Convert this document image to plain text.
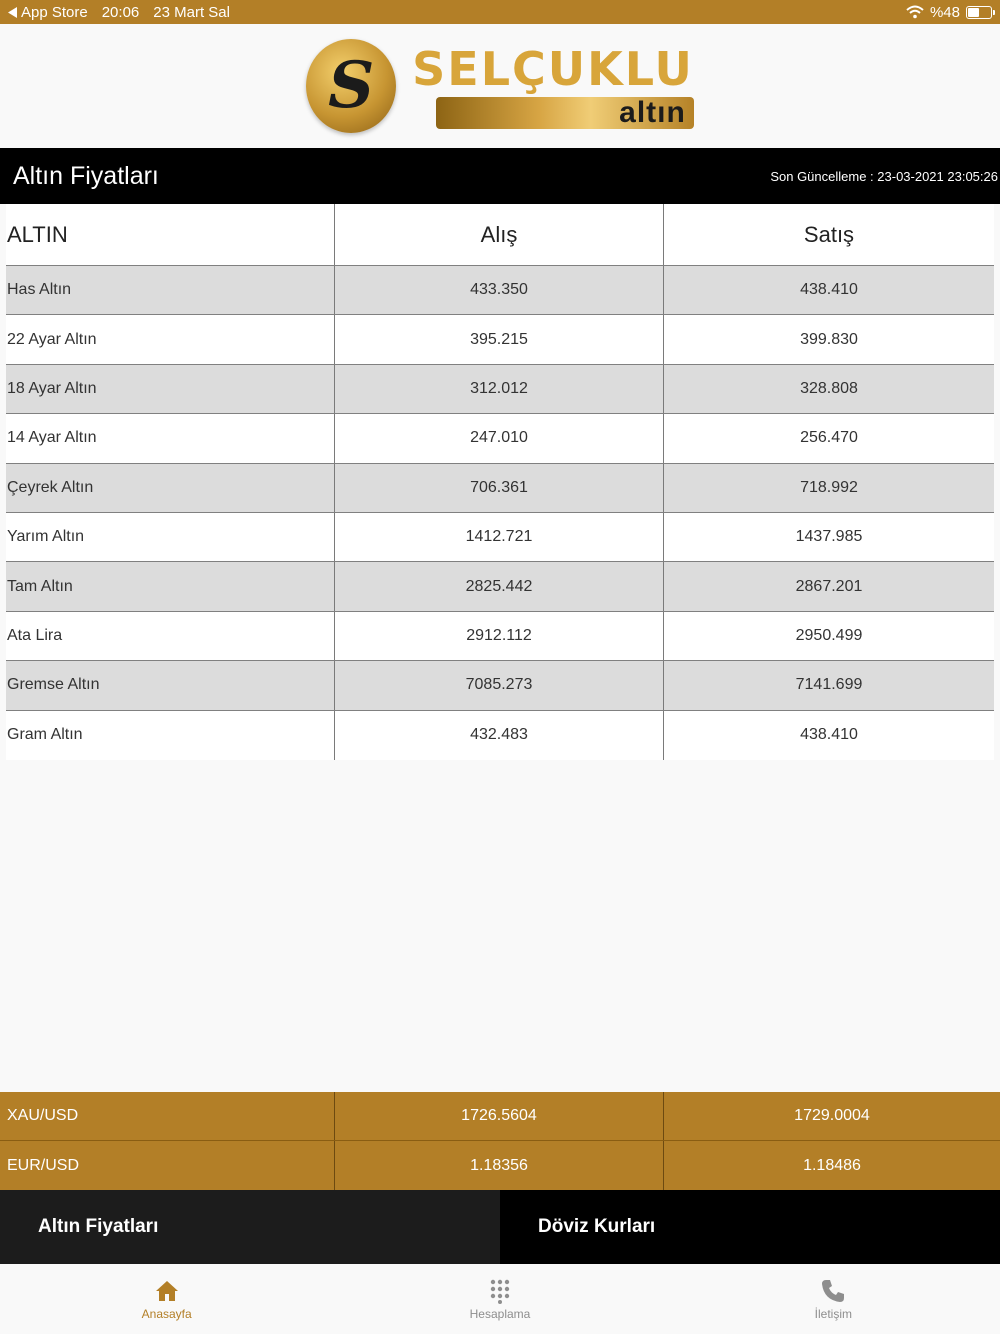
App Store 20:06 23 Mart Sal	%48
S SELÇUKLU
altın
Altın Fiyatları	Son Güncelleme : 23-03-2021 23:05:26
ALTIN	Alış	Satış
Has Altın	433.350	438.410
22 Ayar Altın	395.215	399.830
18 Ayar Altın	312.012	328.808
14 Ayar Altın	247.010	256.470
Çeyrek Altın	706.361	718.992
Yarım Altın	1412.721	1437.985
Tam Altın	2825.442	2867.201
Ata Lira	2912.112	2950.499
Gremse Altın	7085.273	7141.699
Gram Altın	432.483	438.410
XAU/USD	1726.5604	1729.0004
EUR/USD	1.18356	1.18486
Altın Fiyatları	Döviz Kurları
Anasayfa	Hesaplama	İletişim
